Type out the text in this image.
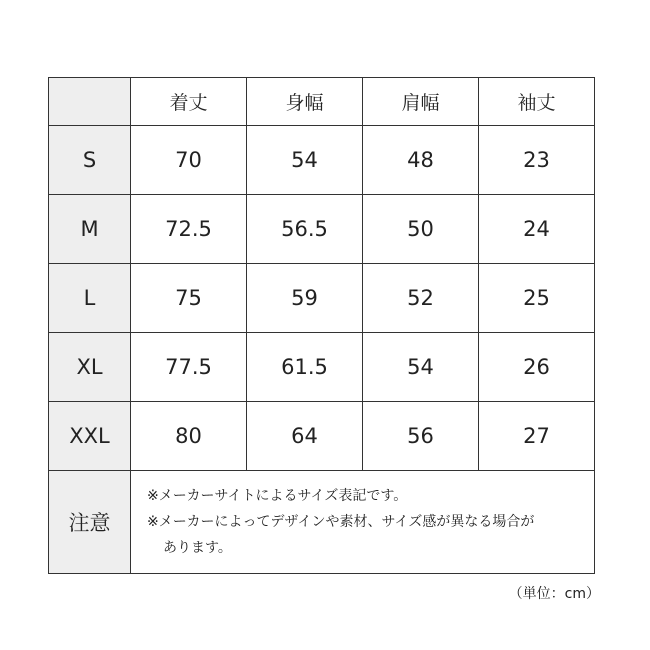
	着丈	身幅	肩幅	袖丈
S	70	54	48	23
M	72.5	56.5	50	24
L	75	59	52	25
XL	77.5	61.5	54	26
XXL	80	64	56	27
注意	※メーカーサイトによるサイズ表記です。
※メーカーによってデザインや素材、サイズ感が異なる場合が
あります。			
（単位：cm）
